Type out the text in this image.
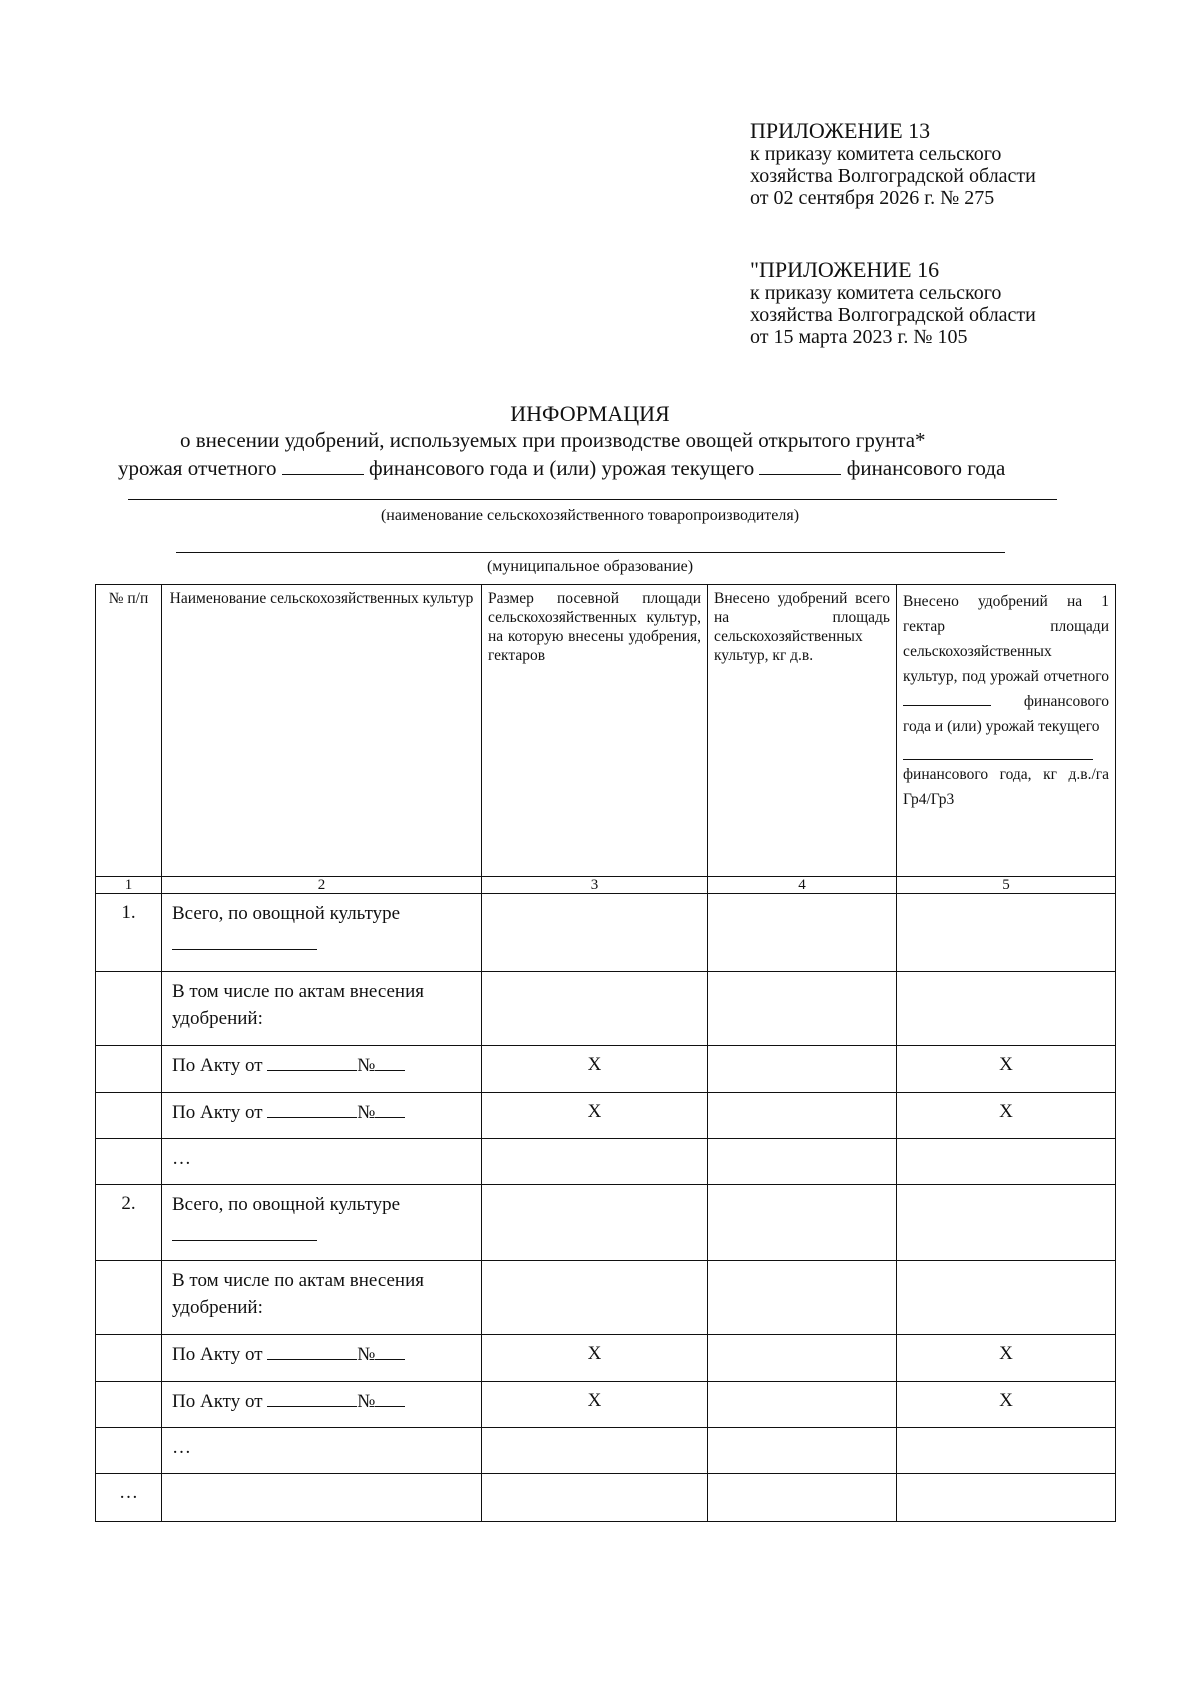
ПРИЛОЖЕНИЕ 13
к приказу комитета сельского
хозяйства Волгоградской области
от 02 сентября 2026 г. № 275
"ПРИЛОЖЕНИЕ 16
к приказу комитета сельского
хозяйства Волгоградской области
от 15 марта 2023 г. № 105
ИНФОРМАЦИЯ
о внесении удобрений, используемых при производстве овощей открытого грунта*
урожая отчетного	финансового года и (или) урожая текущего	финансового года
(наименование сельскохозяйственного товаропроизводителя)
(муниципальное образование)
№ п/п	Наименование сельскохозяйственных культур	Размер посевной площади сельскохозяйственных культур, на которую внесены удобрения, гектаров	Внесено удобрений всего на площадь сельскохозяйственных культур, кг д.в.	Внесено удобрений на 1 гектар площади сельскохозяйственных культур, под урожай отчетного финансового года и (или) урожай текущего
финансового года, кг д.в./га Гр4/Гр3
1	2	3	4	5
1.	Всего, по овощной культуре

	В том числе по актам внесения удобрений:			
	По Акту от №	X		X
	По Акту от №	X		X
	…			
2.	Всего, по овощной культуре

	В том числе по актам внесения удобрений:			
	По Акту от №	X		X
	По Акту от №	X		X
	…			
…				
